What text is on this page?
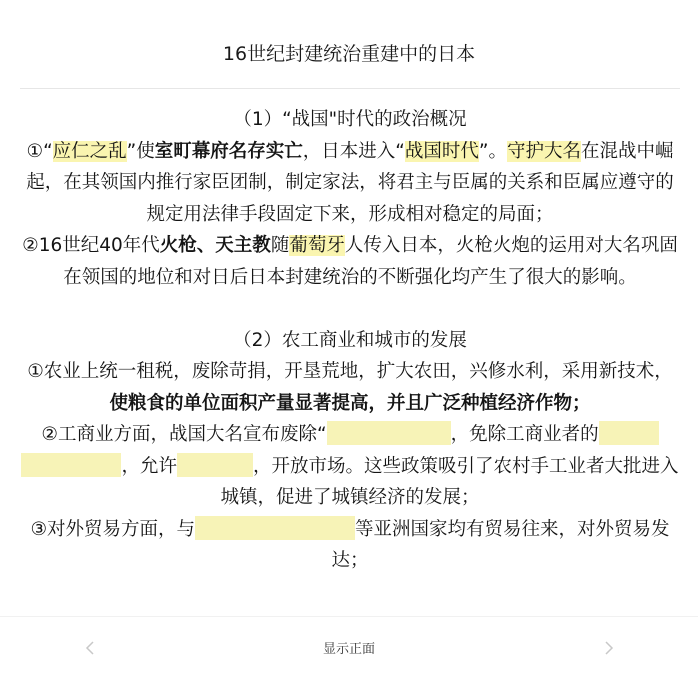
16世纪封建统治重建中的日本

（1）“战国"时代的政治概况

①“应仁之乱”使室町幕府名存实亡，日本进入“战国时代”。守护大名在混战中崛起，在其领国内推行家臣团制，制定家法，将君主与臣属的关系和臣属应遵守的规定用法律手段固定下来，形成相对稳定的局面；

②16世纪40年代火枪、天主教随葡萄牙人传入日本，火枪火炮的运用对大名巩固在领国的地位和对日后日本封建统治的不断强化均产生了很大的影响。

（2）农工商业和城市的发展

①农业上统一租税，废除苛捐，开垦荒地，扩大农田，兴修水利，采用新技术，使粮食的单位面积产量显著提高，并且广泛种植经济作物；

②工商业方面，战国大名宣布废除“	，免除工商业者的，允许	，开放市场。这些政策吸引了农村手工业者大批进入城镇，促进了城镇经济的发展；

③对外贸易方面，与	等亚洲国家均有贸易往来，对外贸易发达；

显示正面
